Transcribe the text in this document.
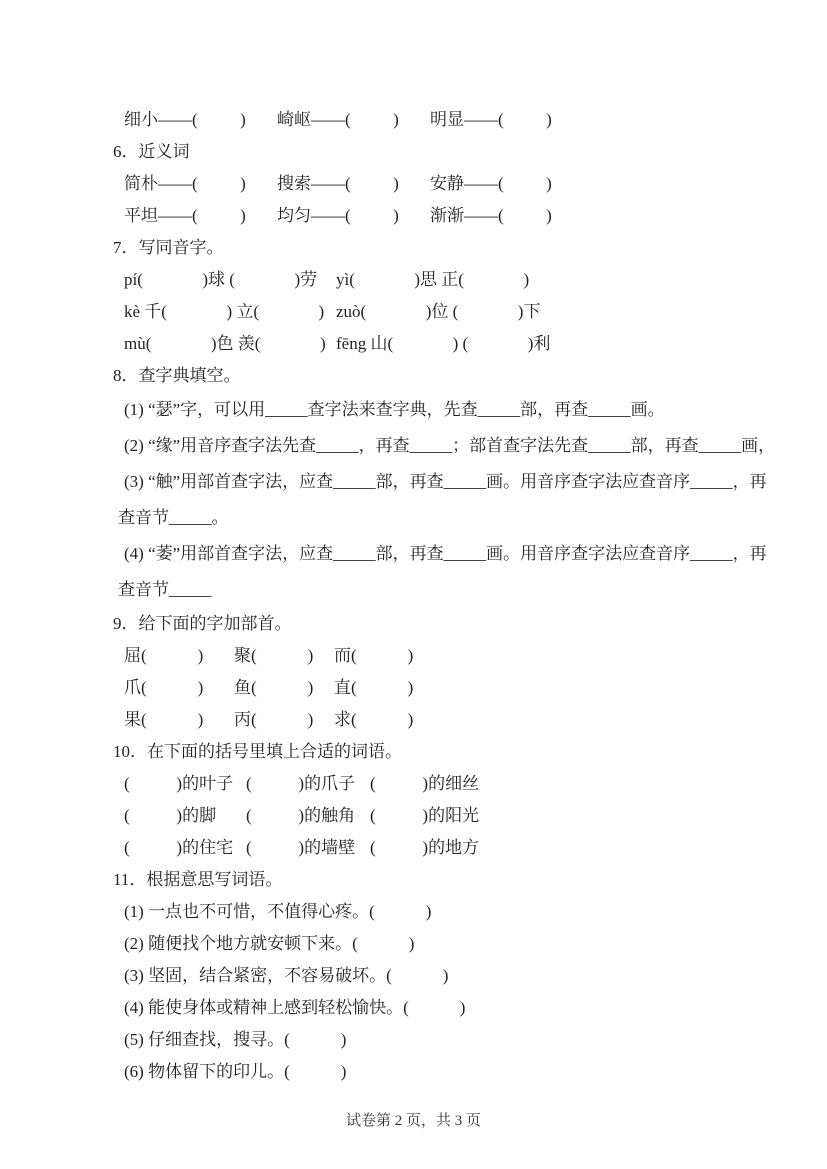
细小——(          )	崎岖——(          )	明显——(          )
6．近义词
简朴——(          )	搜索——(          )	安静——(          )
平坦——(          )	均匀——(          )	渐渐——(          )
7．写同音字。
pí(              )球 (              )劳	yì(              )思 正(              )
kè 千(              ) 立(              ) zuò(              )位 (              )下
mù(              )色 羡(              ) fēng 山(              ) (              )利
8．查字典填空。
(1) “瑟”字，可以用_____查字法来查字典，先查_____部，再查_____画。
(2) “缘”用音序查字法先查_____，再查_____；部首查字法先查_____部，再查_____画，
(3) “触”用部首查字法，应查_____部，再查_____画。用音序查字法应查音序_____，再
查音节_____。
(4) “萎”用部首查字法，应查_____部，再查_____画。用音序查字法应查音序_____，再
查音节_____
9．给下面的字加部首。
屈(            )	聚(            )	而(            )
爪(            )	鱼(            )	直(            )
果(            )	丙(            )	求(            )
10．在下面的括号里填上合适的词语。
(           )的叶子 (           )的爪子 (           )的细丝
(           )的脚	(           )的触角 (           )的阳光
(           )的住宅 (           )的墙壁 (           )的地方
11．根据意思写词语。
(1) 一点也不可惜，不值得心疼。(            )
(2) 随便找个地方就安顿下来。(            )
(3) 坚固，结合紧密，不容易破坏。(            )
(4) 能使身体或精神上感到轻松愉快。(            )
(5) 仔细查找，搜寻。(            )
(6) 物体留下的印儿。(            )
试卷第 2 页，共 3 页
